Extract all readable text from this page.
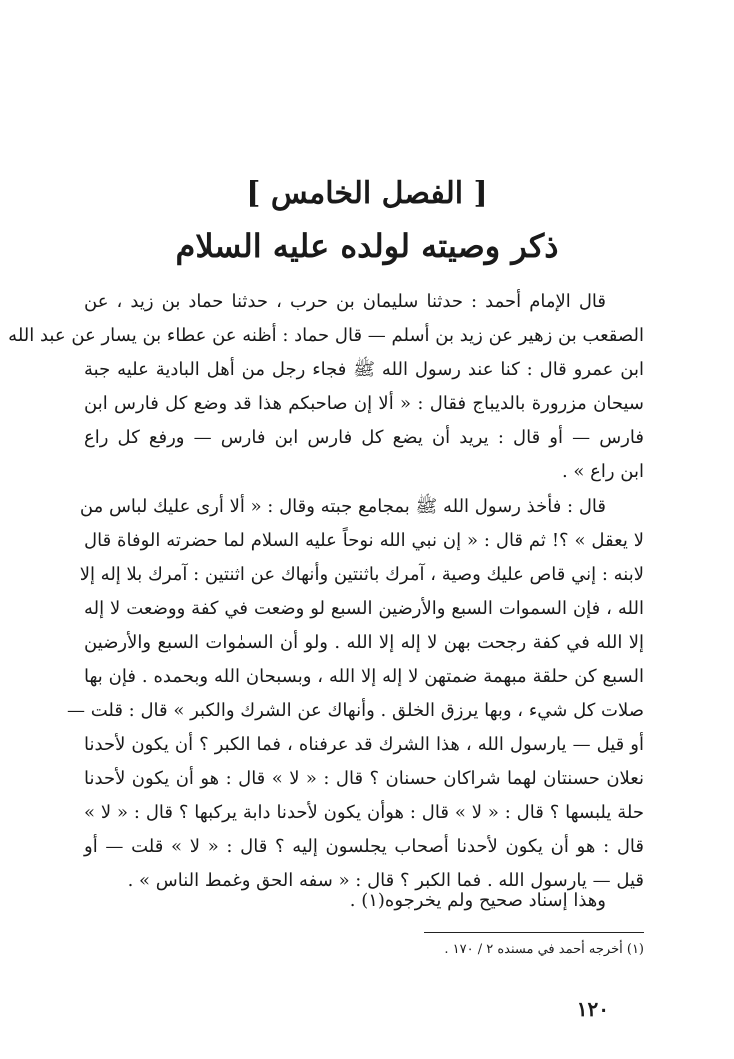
[ الفصل الخامس ]
ذكر وصيته لولده عليه السلام
قال الإمام أحمد : حدثنا سليمان بن حرب ، حدثنا حماد بن زيد ، عن
الصقعب بن زهير عن زيد بن أسلم — قال حماد : أظنه عن عطاء بن يسار عن عبد الله
ابن عمرو قال : كنا عند رسول الله ﷺ فجاء رجل من أهل البادية عليه جبة
سيحان مزرورة بالديباج فقال : « ألا إن صاحبكم هذا قد وضع كل فارس ابن
فارس — أو قال : يريد أن يضع كل فارس ابن فارس — ورفع كل راع
ابن راع » .
قال : فأخذ رسول الله ﷺ بمجامع جبته وقال : « ألا أرى عليك لباس من
لا يعقل » ؟! ثم قال : « إن نبي الله نوحاً عليه السلام لما حضرته الوفاة قال
لابنه : إني قاص عليك وصية ، آمرك باثنتين وأنهاك عن اثنتين : آمرك بلا إله إلا
الله ، فإن السموات السبع والأرضين السبع لو وضعت في كفة ووضعت لا إله
إلا الله في كفة رجحت بهن لا إله إلا الله . ولو أن السمٰوات السبع والأرضين
السبع كن حلقة مبهمة ضمتهن لا إله إلا الله ، وبسبحان الله وبحمده . فإن بها
صلات كل شيء ، وبها يرزق الخلق . وأنهاك عن الشرك والكبر » قال : قلت —
أو قيل — يارسول الله ، هذا الشرك قد عرفناه ، فما الكبر ؟ أن يكون لأحدنا
نعلان حسنتان لهما شراكان حسنان ؟ قال : « لا » قال : هو أن يكون لأحدنا
حلة يلبسها ؟ قال : « لا » قال : هوأن يكون لأحدنا دابة يركبها ؟ قال : « لا »
قال : هو أن يكون لأحدنا أصحاب يجلسون إليه ؟ قال : « لا » قلت — أو
قيل — يارسول الله . فما الكبر ؟ قال : « سفه الحق وغمط الناس » .
وهذا إسناد صحيح ولم يخرجوه(١) .
(١) أخرجه أحمد في مسنده ٢ / ١٧٠ .
١٢٠
